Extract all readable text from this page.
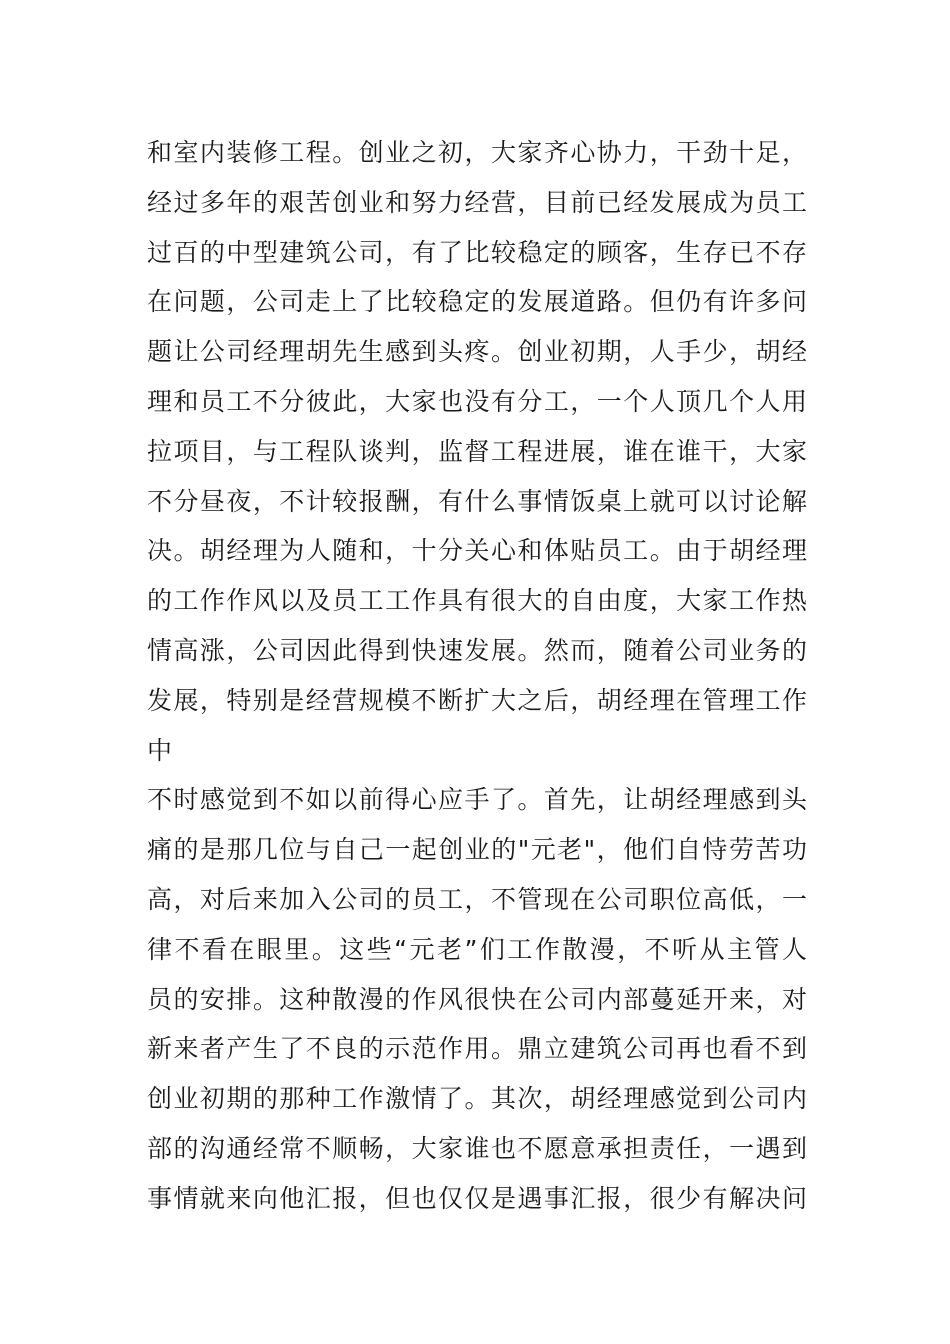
和室内装修工程。创业之初，大家齐心协力，干劲十足，
经过多年的艰苦创业和努力经营，目前已经发展成为员工
过百的中型建筑公司，有了比较稳定的顾客，生存已不存
在问题，公司走上了比较稳定的发展道路。但仍有许多问
题让公司经理胡先生感到头疼。创业初期，人手少，胡经
理和员工不分彼此，大家也没有分工，一个人顶几个人用
拉项目，与工程队谈判，监督工程进展，谁在谁干，大家
不分昼夜，不计较报酬，有什么事情饭桌上就可以讨论解
决。胡经理为人随和，十分关心和体贴员工。由于胡经理
的工作作风以及员工工作具有很大的自由度，大家工作热
情高涨，公司因此得到快速发展。然而，随着公司业务的
发展，特别是经营规模不断扩大之后，胡经理在管理工作
中
不时感觉到不如以前得心应手了。首先，让胡经理感到头
痛的是那几位与自己一起创业的"元老"，他们自恃劳苦功
高，对后来加入公司的员工，不管现在公司职位高低，一
律不看在眼里。这些“元老”们工作散漫，不听从主管人
员的安排。这种散漫的作风很快在公司内部蔓延开来，对
新来者产生了不良的示范作用。鼎立建筑公司再也看不到
创业初期的那种工作激情了。其次，胡经理感觉到公司内
部的沟通经常不顺畅，大家谁也不愿意承担责任，一遇到
事情就来向他汇报，但也仅仅是遇事汇报，很少有解决问
